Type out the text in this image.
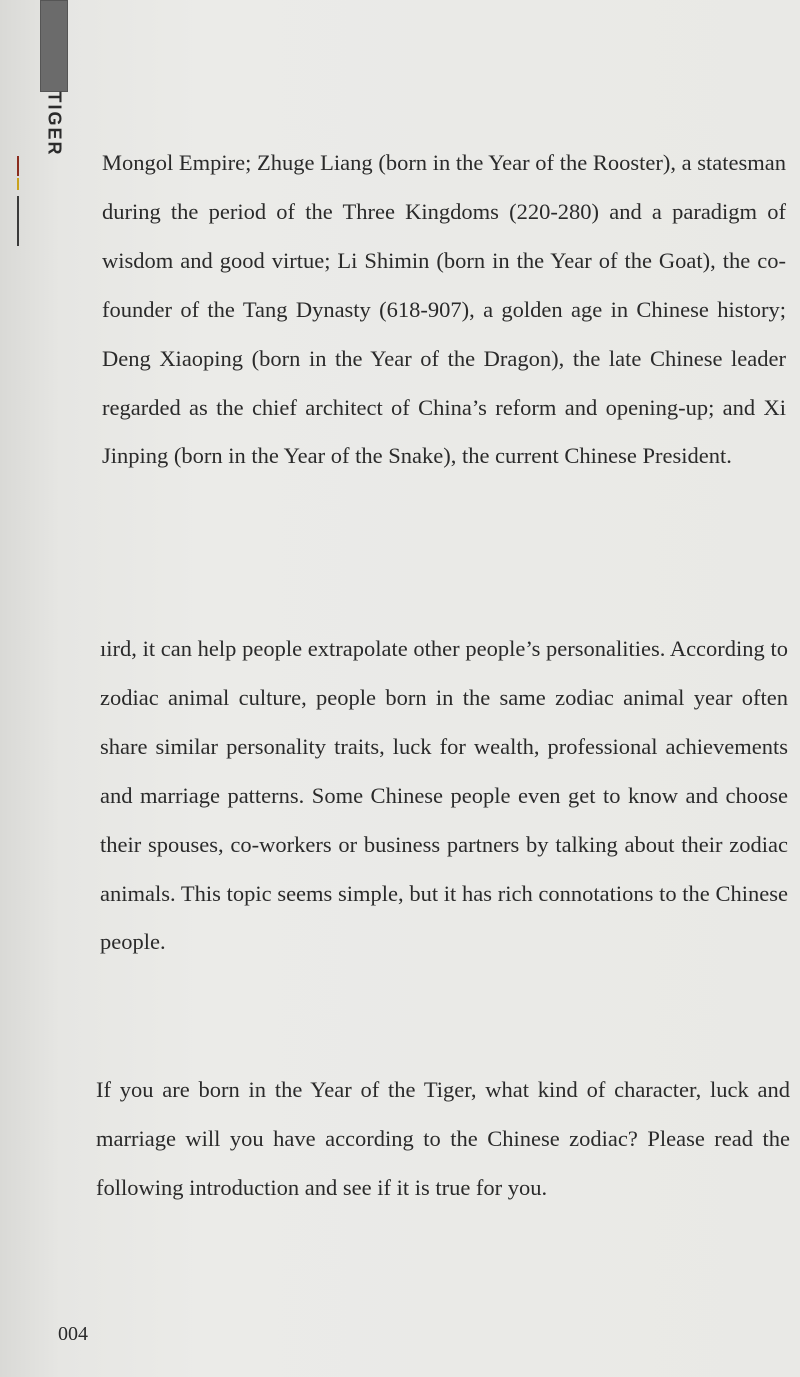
TIGER

Mongol Empire; Zhuge Liang (born in the Year of the Rooster), a statesman during the period of the Three Kingdoms (220-280) and a paradigm of wisdom and good virtue; Li Shimin (born in the Year of the Goat), the co-founder of the Tang Dynasty (618-907), a golden age in Chinese history; Deng Xiaoping (born in the Year of the Dragon), the late Chinese leader regarded as the chief architect of China’s reform and opening-up; and Xi Jinping (born in the Year of the Snake), the current Chinese President.

ıird, it can help people extrapolate other people’s personalities. According to zodiac animal culture, people born in the same zodiac animal year often share similar personality traits, luck for wealth, professional achievements and marriage patterns. Some Chinese people even get to know and choose their spouses, co-workers or business partners by talking about their zodiac animals. This topic seems simple, but it has rich connotations to the Chinese people.

If you are born in the Year of the Tiger, what kind of character, luck and marriage will you have according to the Chinese zodiac? Please read the following introduction and see if it is true for you.

004
